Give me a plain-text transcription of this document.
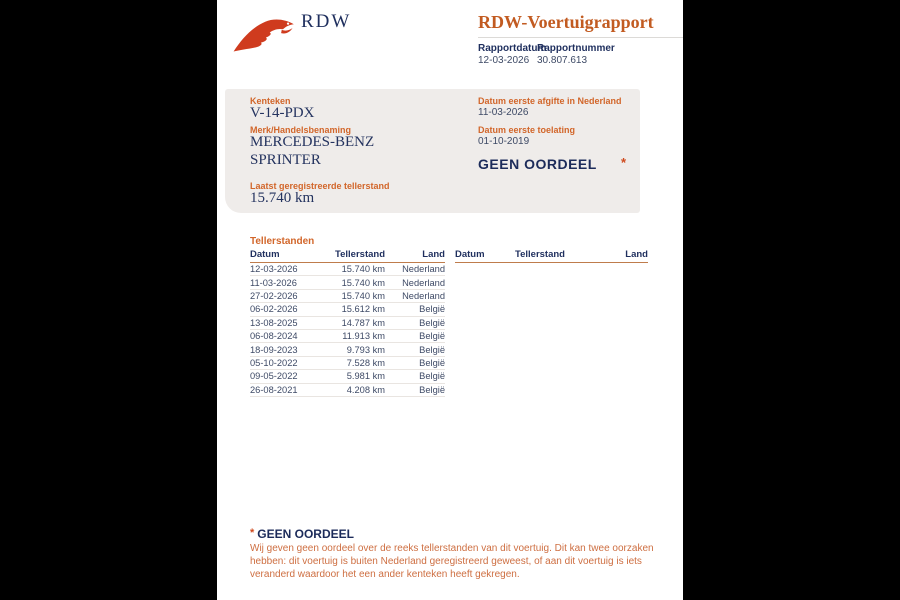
RDW	RDW-Voertuigrapport
Rapportdatum
Rapportnummer
12-03-2026 30.807.613
Kenteken
V-14-PDX
Merk/Handelsbenaming
MERCEDES-BENZ
SPRINTER
Laatst geregistreerde tellerstand
15.740 km
Datum eerste afgifte in Nederland
11-03-2026
Datum eerste toelating
01-10-2019
GEEN OORDEEL *
Tellerstanden
Datum	Tellerstand	Land
12-03-2026	15.740 km	Nederland
11-03-2026	15.740 km	Nederland
27-02-2026	15.740 km	Nederland
06-02-2026	15.612 km	België
13-08-2025	14.787 km	België
06-08-2024	11.913 km	België
18-09-2023	9.793 km	België
05-10-2022	7.528 km	België
09-05-2022	5.981 km	België
26-08-2021	4.208 km	België
Datum	Tellerstand	Land
* GEEN OORDEEL
Wij geven geen oordeel over de reeks tellerstanden van dit voertuig. Dit kan twee oorzaken hebben: dit voertuig is buiten Nederland geregistreerd geweest, of aan dit voertuig is iets veranderd waardoor het een ander kenteken heeft gekregen.
